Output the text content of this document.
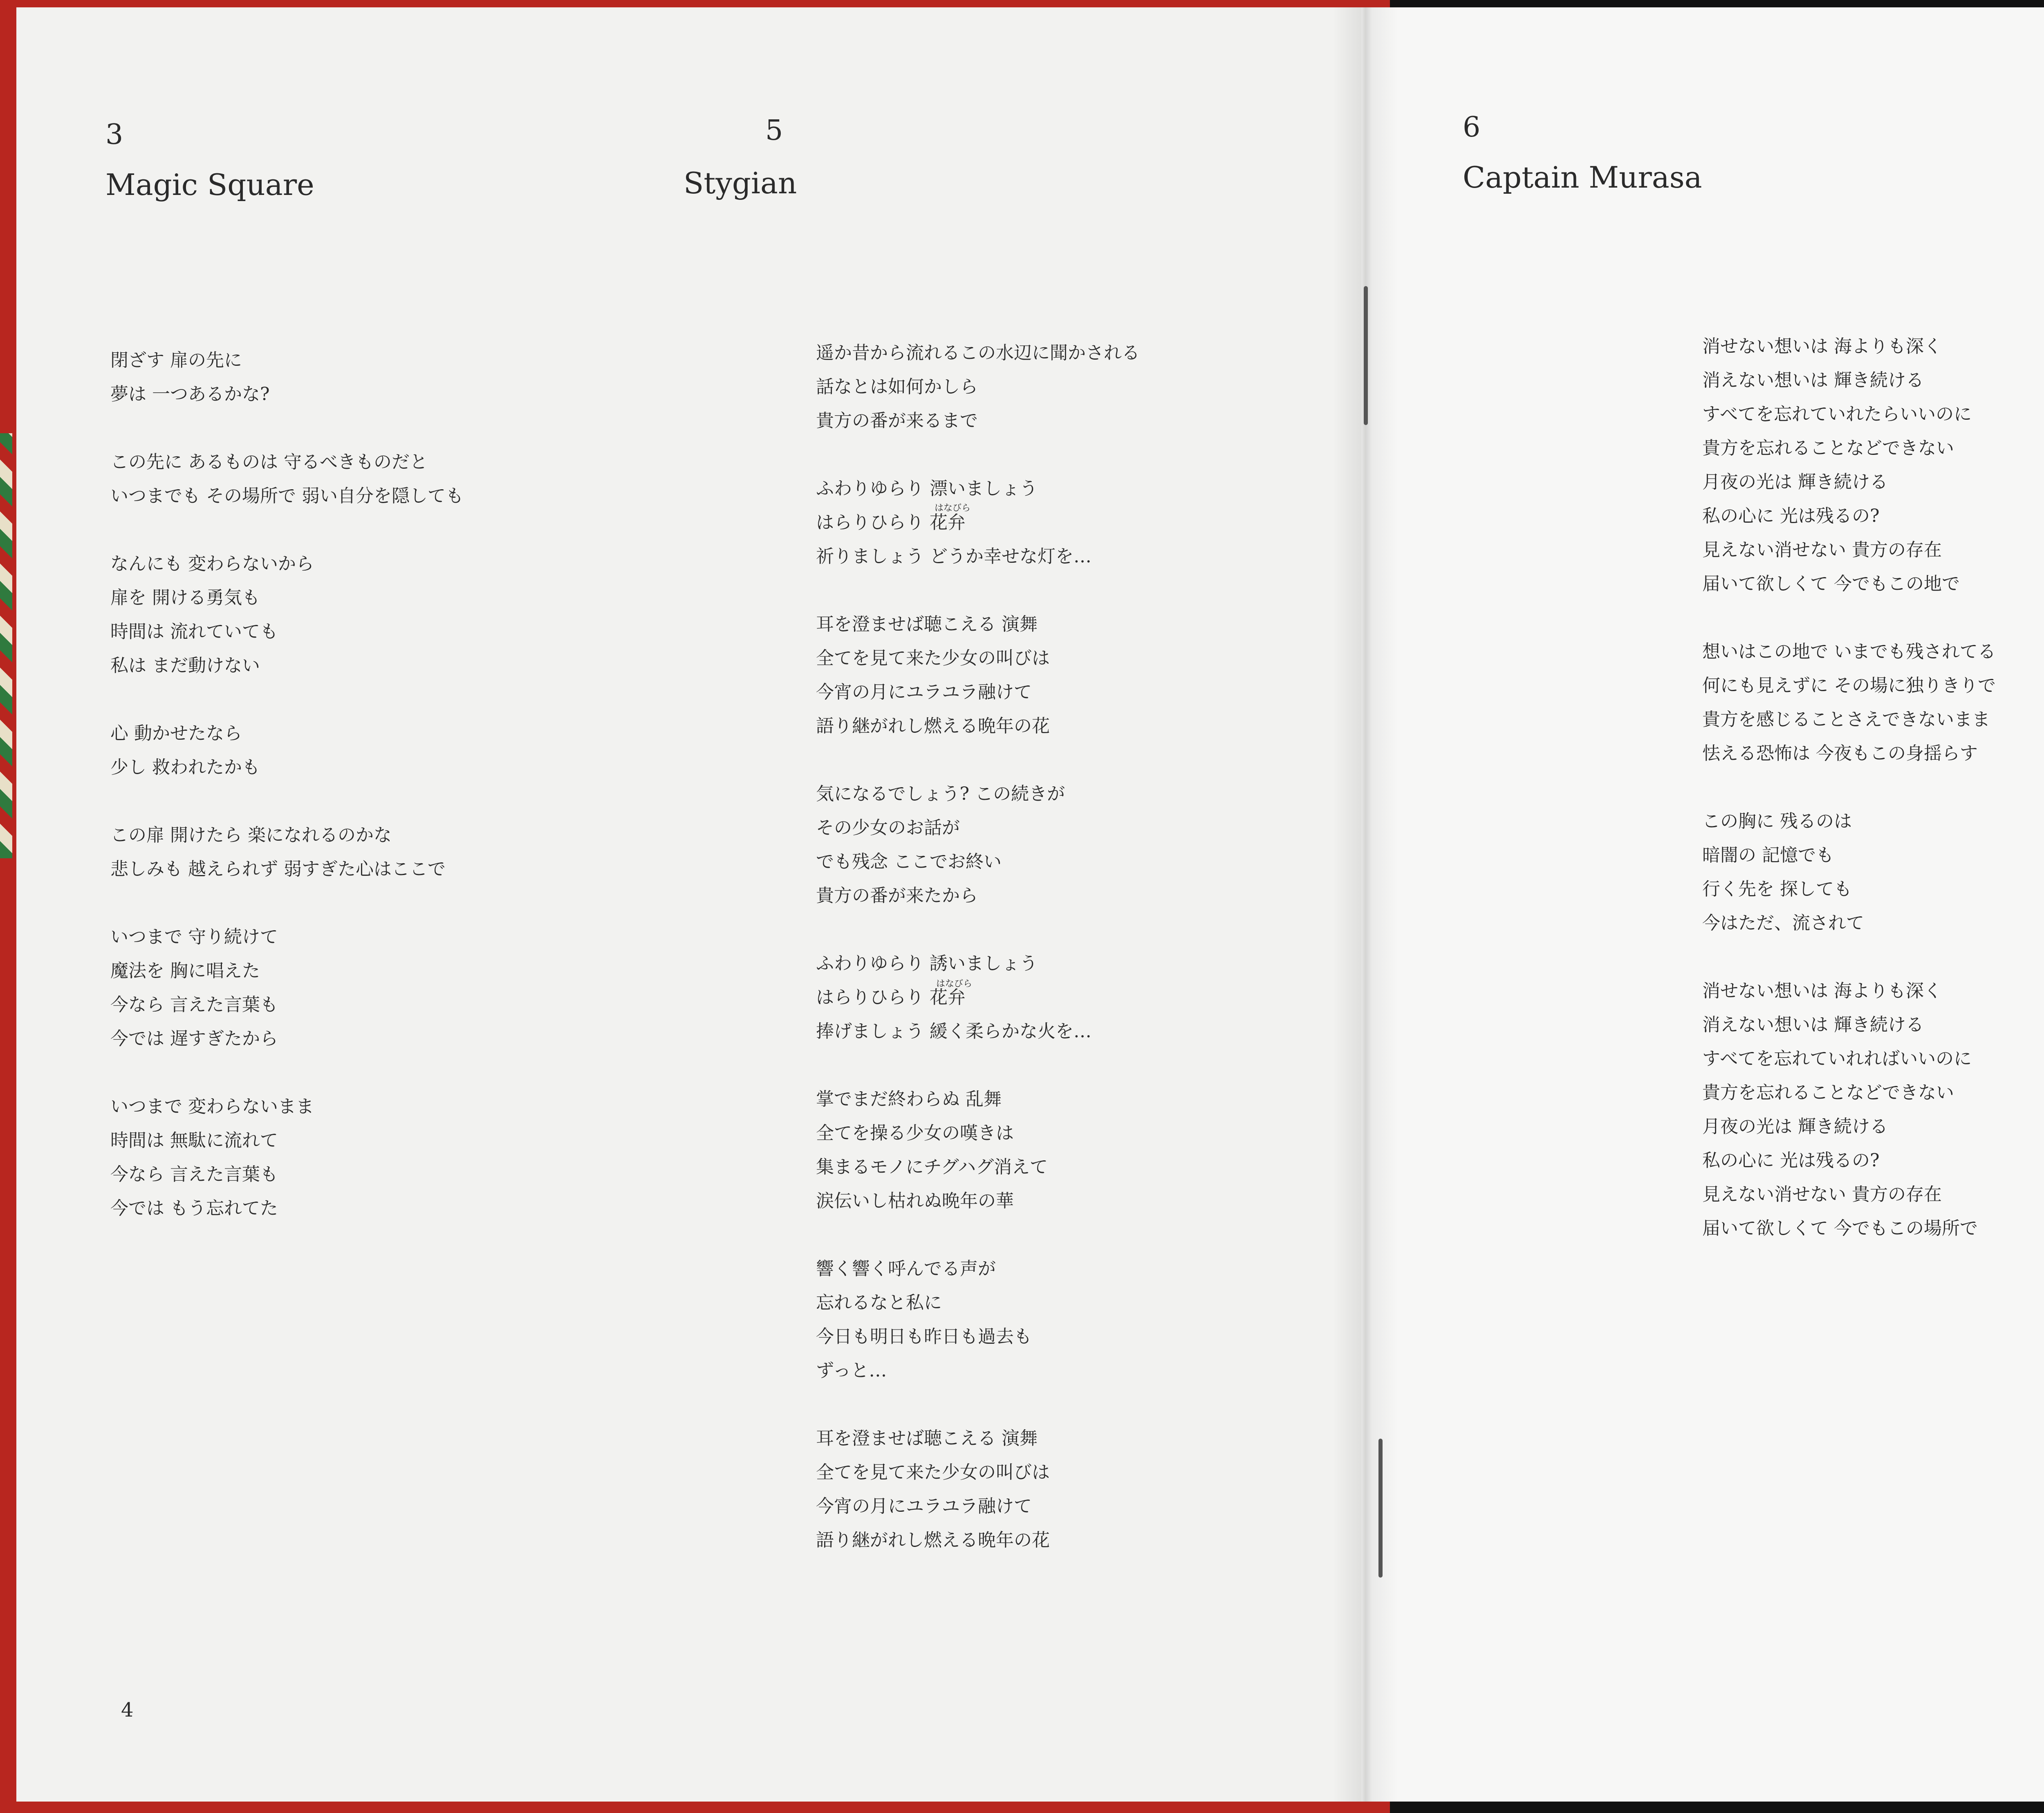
3
Magic Square
閉ざす 扉の先に
夢は 一つあるかな?
この先に あるものは 守るべきものだと
いつまでも その場所で 弱い自分を隠しても
なんにも 変わらないから
扉を 開ける勇気も
時間は 流れていても
私は まだ動けない
心 動かせたなら
少し 救われたかも
この扉 開けたら 楽になれるのかな
悲しみも 越えられず 弱すぎた心はここで
いつまで 守り続けて
魔法を 胸に唱えた
今なら 言えた言葉も
今では 遅すぎたから
いつまで 変わらないまま
時間は 無駄に流れて
今なら 言えた言葉も
今では もう忘れてた
5
Stygian
遥か昔から流れるこの水辺に聞かされる
話なとは如何かしら
貴方の番が来るまで
ふわりゆらり 漂いましょう
はらりひらり 花弁
祈りましょう どうか幸せな灯を…
耳を澄ませば聴こえる 演舞
全てを見て来た少女の叫びは
今宵の月にユラユラ融けて
語り継がれし燃える晩年の花
気になるでしょう? この続きが
その少女のお話が
でも残念 ここでお終い
貴方の番が来たから
ふわりゆらり 誘いましょう
はらりひらり 花弁
捧げましょう 緩く柔らかな火を…
掌でまだ終わらぬ 乱舞
全てを操る少女の嘆きは
集まるモノにチグハグ消えて
涙伝いし枯れぬ晩年の華
響く響く呼んでる声が
忘れるなと私に
今日も明日も昨日も過去も
ずっと…
耳を澄ませば聴こえる 演舞
全てを見て来た少女の叫びは
今宵の月にユラユラ融けて
語り継がれし燃える晩年の花
はなびら
はなびら
4
6
Captain Murasa
消せない想いは 海よりも深く
消えない想いは 輝き続ける
すべてを忘れていれたらいいのに
貴方を忘れることなどできない
月夜の光は 輝き続ける
私の心に 光は残るの?
見えない消せない 貴方の存在
届いて欲しくて 今でもこの地で
想いはこの地で いまでも残されてる
何にも見えずに その場に独りきりで
貴方を感じることさえできないまま
怯える恐怖は 今夜もこの身揺らす
この胸に 残るのは
暗闇の 記憶でも
行く先を 探しても
今はただ、流されて
消せない想いは 海よりも深く
消えない想いは 輝き続ける
すべてを忘れていれればいいのに
貴方を忘れることなどできない
月夜の光は 輝き続ける
私の心に 光は残るの?
見えない消せない 貴方の存在
届いて欲しくて 今でもこの場所で
